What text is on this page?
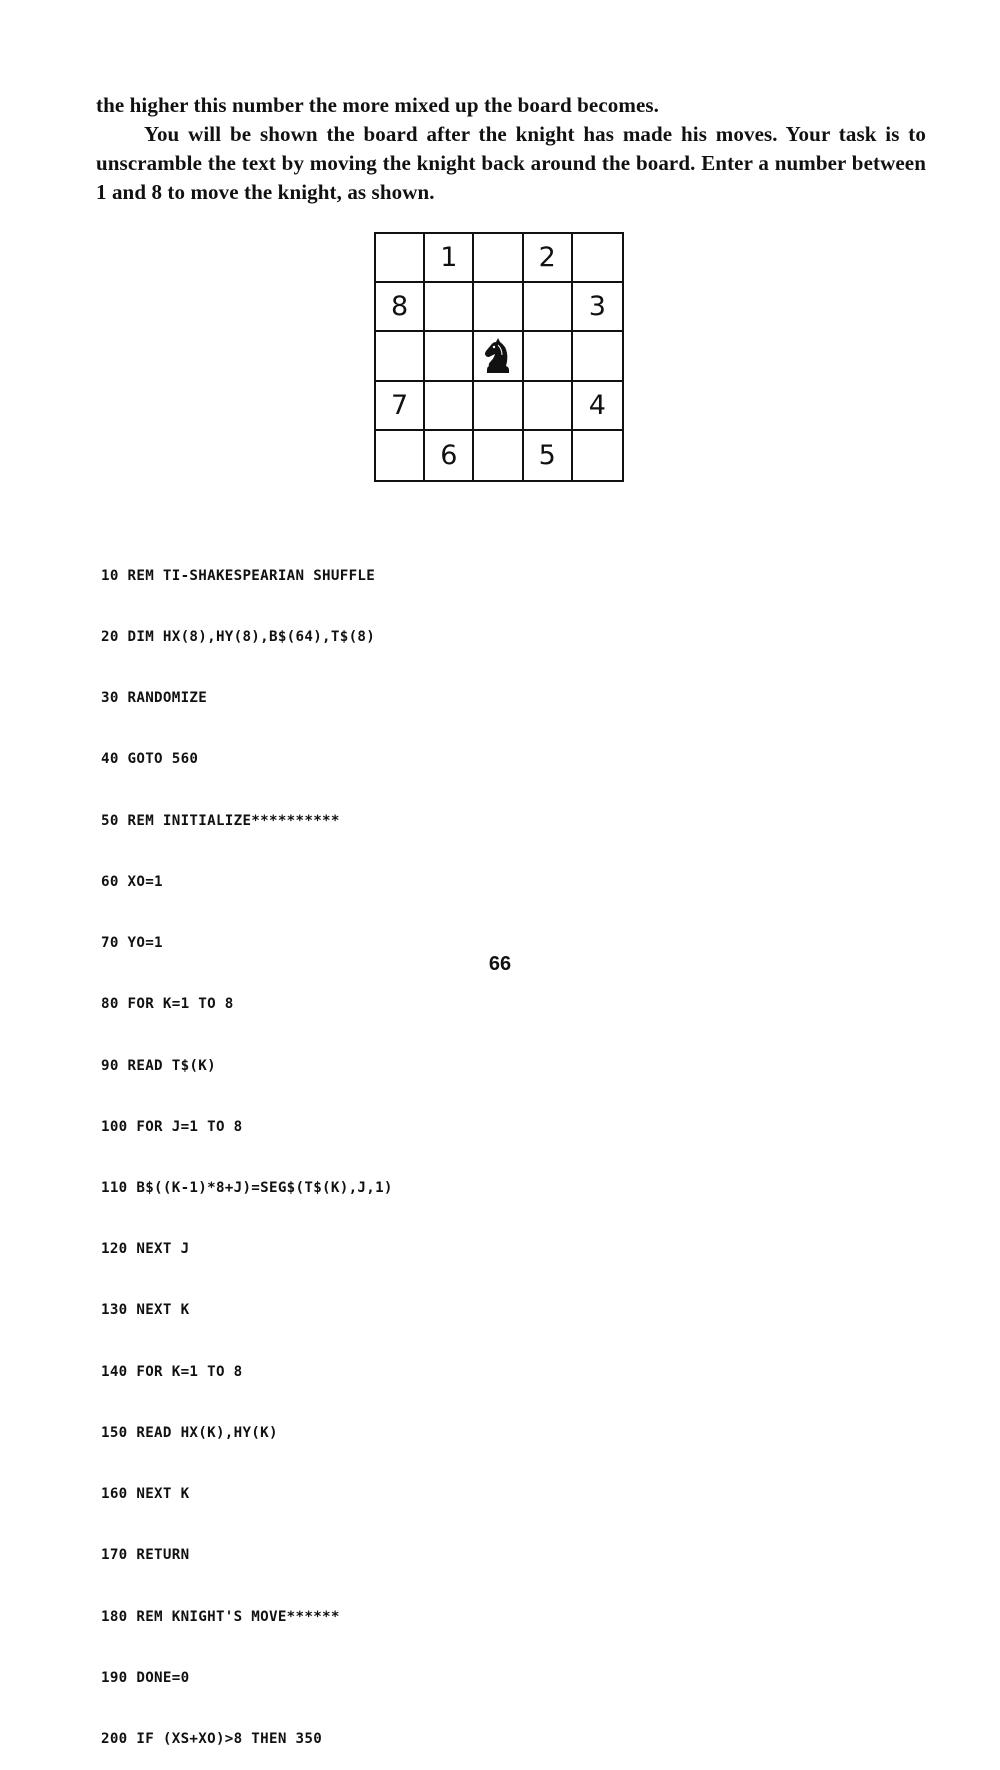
the higher this number the more mixed up the board becomes.

You will be shown the board after the knight has made his moves. Your task is to unscramble the text by moving the knight back around the board. Enter a number between 1 and 8 to move the knight, as shown.

1	2
8	3
7	4
6	5

10 REM TI-SHAKESPEARIAN SHUFFLE

20 DIM HX(8),HY(8),B$(64),T$(8)

30 RANDOMIZE

40 GOTO 560

50 REM INITIALIZE**********

60 XO=1

70 YO=1

80 FOR K=1 TO 8

90 READ T$(K)

100 FOR J=1 TO 8

110 B$((K-1)*8+J)=SEG$(T$(K),J,1)

120 NEXT J

130 NEXT K

140 FOR K=1 TO 8

150 READ HX(K),HY(K)

160 NEXT K

170 RETURN

180 REM KNIGHT'S MOVE******

190 DONE=0

200 IF (XS+XO)>8 THEN 350

66
